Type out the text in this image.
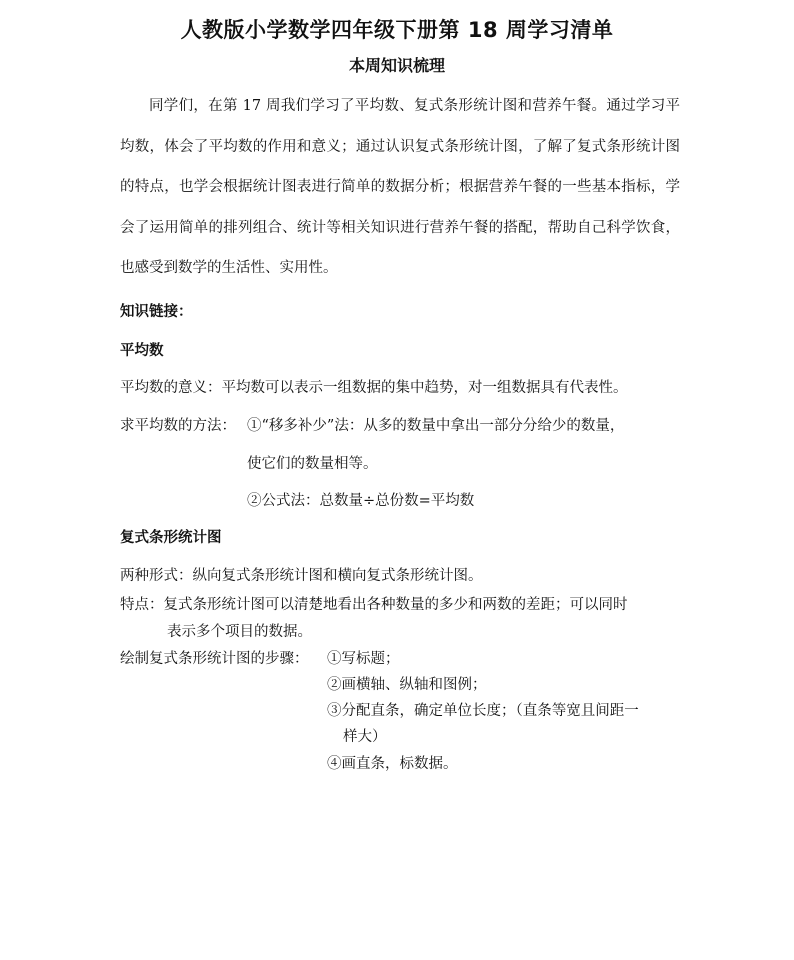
人教版小学数学四年级下册第 18 周学习清单
本周知识梳理

同学们，在第 17 周我们学习了平均数、复式条形统计图和营养午餐。通过学习平均数，体会了平均数的作用和意义；通过认识复式条形统计图，了解了复式条形统计图的特点，也学会根据统计图表进行简单的数据分析；根据营养午餐的一些基本指标，学会了运用简单的排列组合、统计等相关知识进行营养午餐的搭配，帮助自己科学饮食，也感受到数学的生活性、实用性。

知识链接：
平均数
平均数的意义：平均数可以表示一组数据的集中趋势，对一组数据具有代表性。
求平均数的方法： ①“移多补少”法：从多的数量中拿出一部分分给少的数量，
使它们的数量相等。
②公式法：总数量÷总份数=平均数
复式条形统计图
两种形式：纵向复式条形统计图和横向复式条形统计图。
特点：复式条形统计图可以清楚地看出各种数量的多少和两数的差距；可以同时
表示多个项目的数据。
绘制复式条形统计图的步骤： ①写标题；
②画横轴、纵轴和图例；
③分配直条，确定单位长度；（直条等宽且间距一
样大）
④画直条，标数据。
